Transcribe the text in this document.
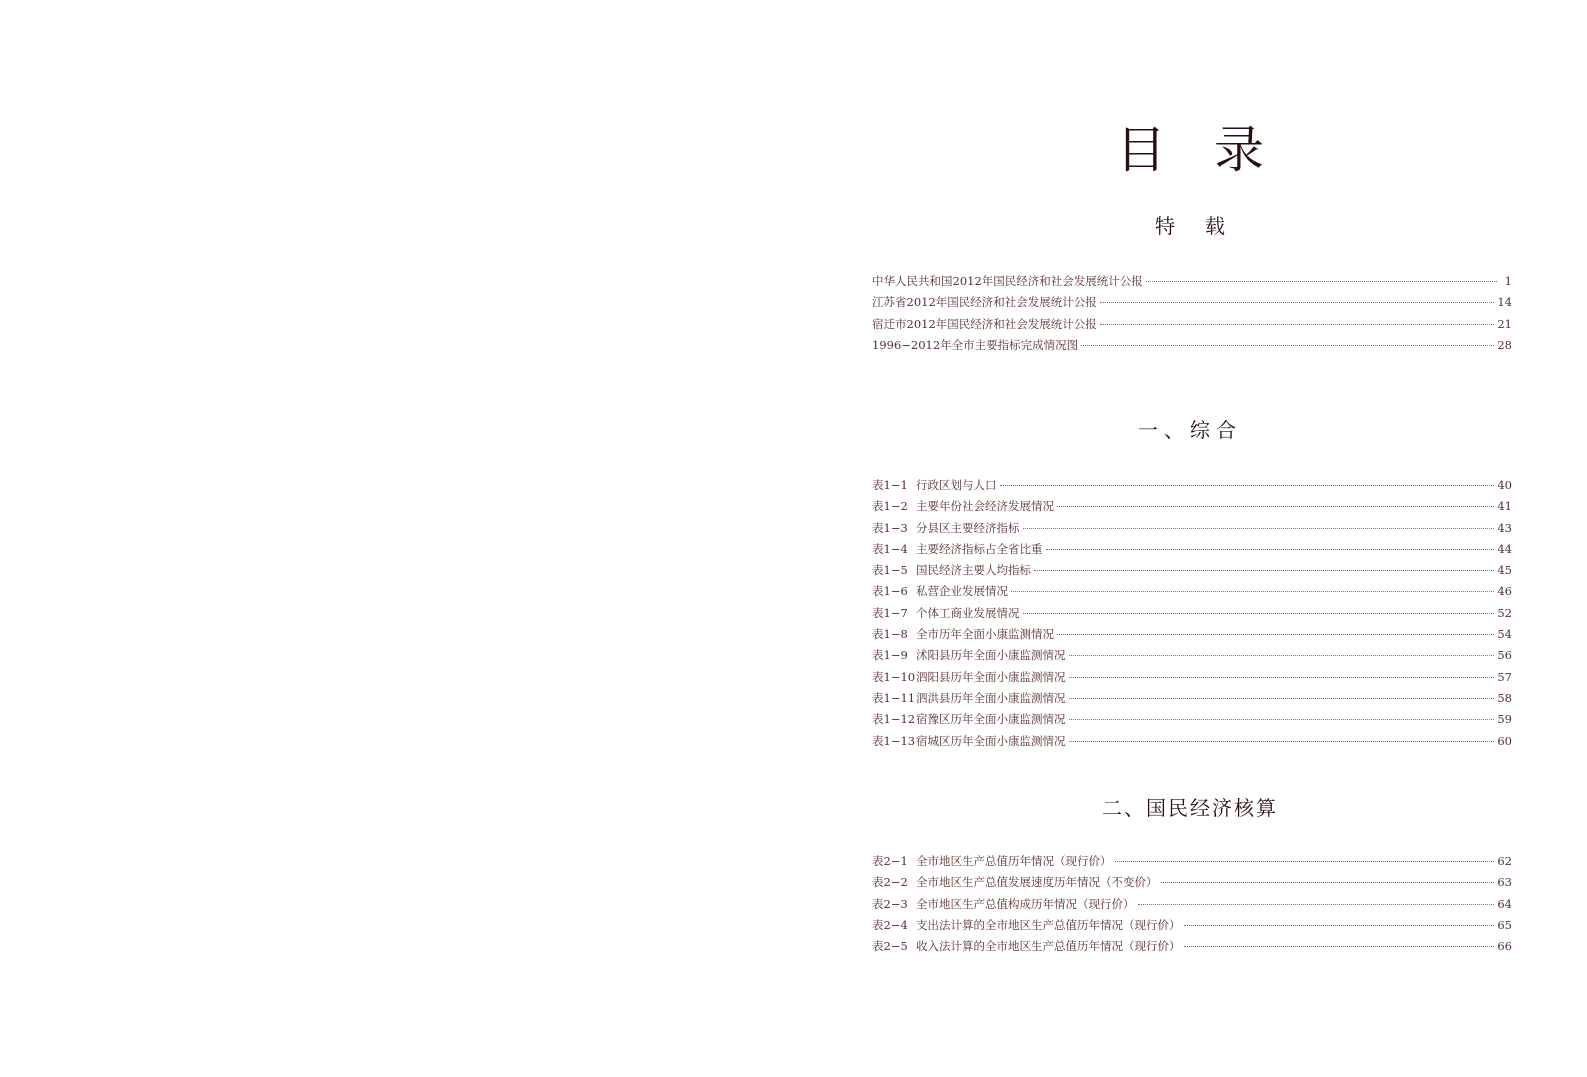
目录
特载
中华人民共和国2012年国民经济和社会发展统计公报	1
江苏省2012年国民经济和社会发展统计公报	14
宿迁市2012年国民经济和社会发展统计公报	21
1996−2012年全市主要指标完成情况图	28
一、综合
表1−1 行政区划与人口	40
表1−2 主要年份社会经济发展情况	41
表1−3 分县区主要经济指标	43
表1−4 主要经济指标占全省比重	44
表1−5 国民经济主要人均指标	45
表1−6 私营企业发展情况	46
表1−7 个体工商业发展情况	52
表1−8 全市历年全面小康监测情况	54
表1−9 沭阳县历年全面小康监测情况	56
表1−10 泗阳县历年全面小康监测情况	57
表1−11 泗洪县历年全面小康监测情况	58
表1−12 宿豫区历年全面小康监测情况	59
表1−13 宿城区历年全面小康监测情况	60
二、国民经济核算
表2−1 全市地区生产总值历年情况（现行价）	62
表2−2 全市地区生产总值发展速度历年情况（不变价）	63
表2−3 全市地区生产总值构成历年情况（现行价）	64
表2−4 支出法计算的全市地区生产总值历年情况（现行价）	65
表2−5 收入法计算的全市地区生产总值历年情况（现行价）	66
